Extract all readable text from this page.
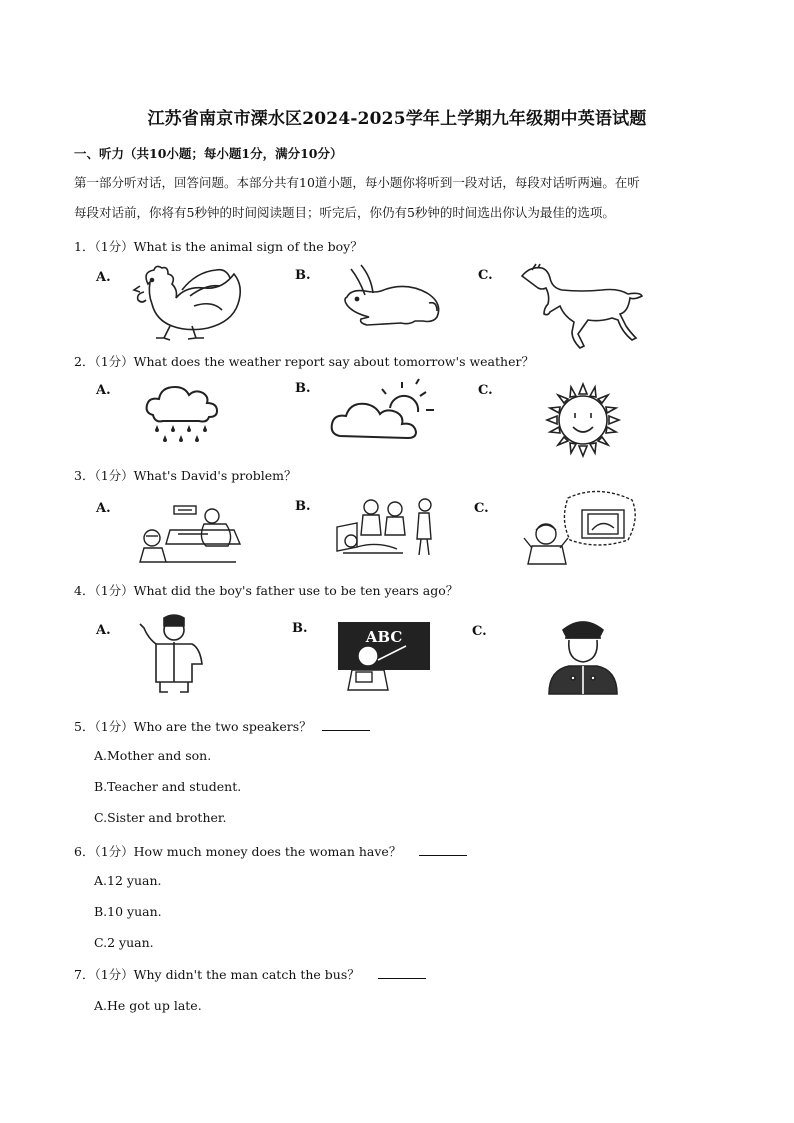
江苏省南京市溧水区2024-2025学年上学期九年级期中英语试题
一、听力（共10小题；每小题1分，满分10分）
第一部分听对话，回答问题。本部分共有10道小题，每小题你将听到一段对话，每段对话听两遍。在听
每段对话前，你将有5秒钟的时间阅读题目；听完后，你仍有5秒钟的时间选出你认为最佳的选项。
1．（1分）What is the animal sign of the boy？
A.	B.	C.
2．（1分）What does the weather report say about tomorrow's weather？
A.	B.	C.
3．（1分）What's David's problem？
A.	B.	C.
4．（1分）What did the boy's father use to be ten years ago？
A.	B.	C.
ABC
5．（1分）Who are the two speakers？
A.Mother and son.
B.Teacher and student.
C.Sister and brother.
6．（1分）How much money does the woman have？
A.12 yuan.
B.10 yuan.
C.2 yuan.
7．（1分）Why didn't the man catch the bus？
A.He got up late.
